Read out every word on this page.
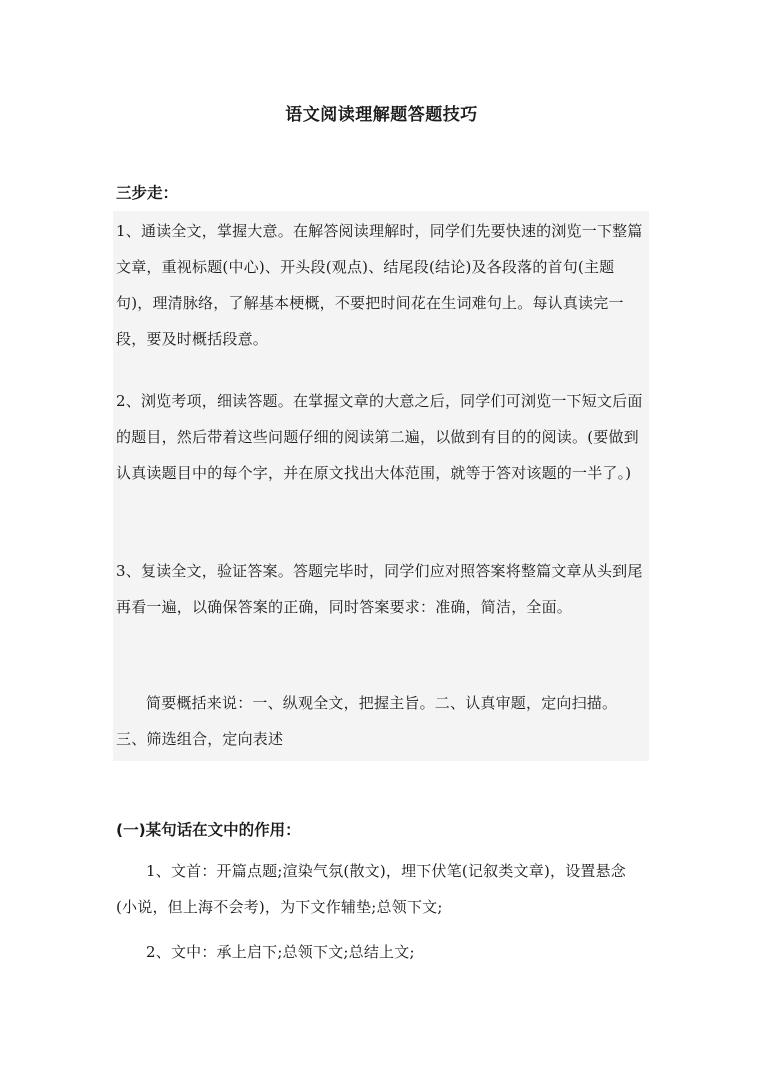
语文阅读理解题答题技巧
三步走：

1、通读全文，掌握大意。在解答阅读理解时，同学们先要快速的浏览一下整篇文章，重视标题(中心)、开头段(观点)、结尾段(结论)及各段落的首句(主题句)，理清脉络，了解基本梗概，不要把时间花在生词难句上。每认真读完一段，要及时概括段意。

2、浏览考项，细读答题。在掌握文章的大意之后，同学们可浏览一下短文后面的题目，然后带着这些问题仔细的阅读第二遍，以做到有目的的阅读。(要做到认真读题目中的每个字，并在原文找出大体范围，就等于答对该题的一半了。)

3、复读全文，验证答案。答题完毕时，同学们应对照答案将整篇文章从头到尾再看一遍，以确保答案的正确，同时答案要求：准确，简洁，全面。

简要概括来说：一、纵观全文，把握主旨。二、认真审题，定向扫描。三、筛选组合，定向表述

(一)某句话在文中的作用：

1、文首：开篇点题;渲染气氛(散文)，埋下伏笔(记叙类文章)，设置悬念(小说，但上海不会考)，为下文作辅垫;总领下文;

2、文中：承上启下;总领下文;总结上文;
